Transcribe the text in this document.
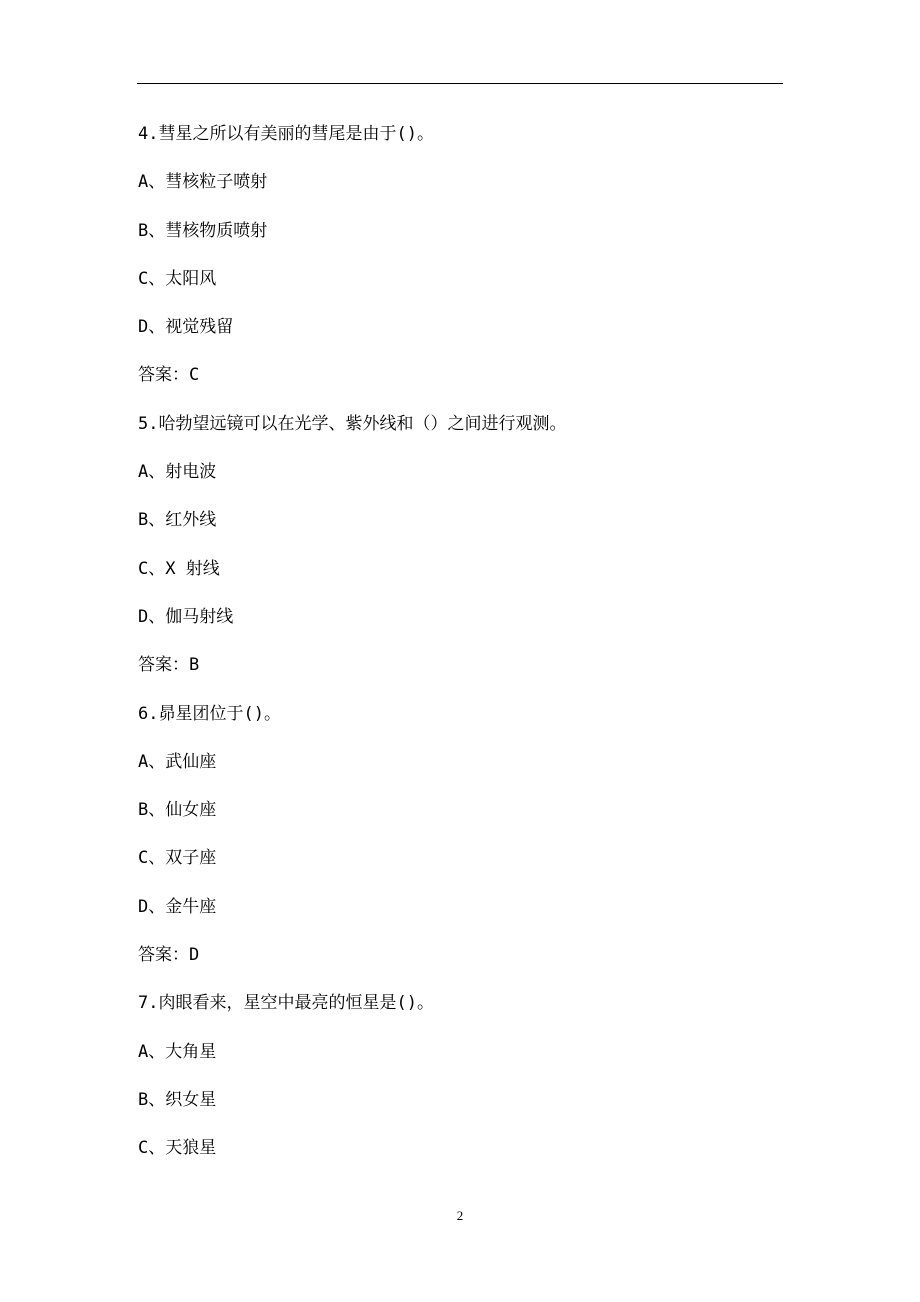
4.彗星之所以有美丽的彗尾是由于()。
A、彗核粒子喷射
B、彗核物质喷射
C、太阳风
D、视觉残留
答案：C
5.哈勃望远镜可以在光学、紫外线和（）之间进行观测。
A、射电波
B、红外线
C、X 射线
D、伽马射线
答案：B
6.昴星团位于()。
A、武仙座
B、仙女座
C、双子座
D、金牛座
答案：D
7.肉眼看来，星空中最亮的恒星是()。
A、大角星
B、织女星
C、天狼星
2
